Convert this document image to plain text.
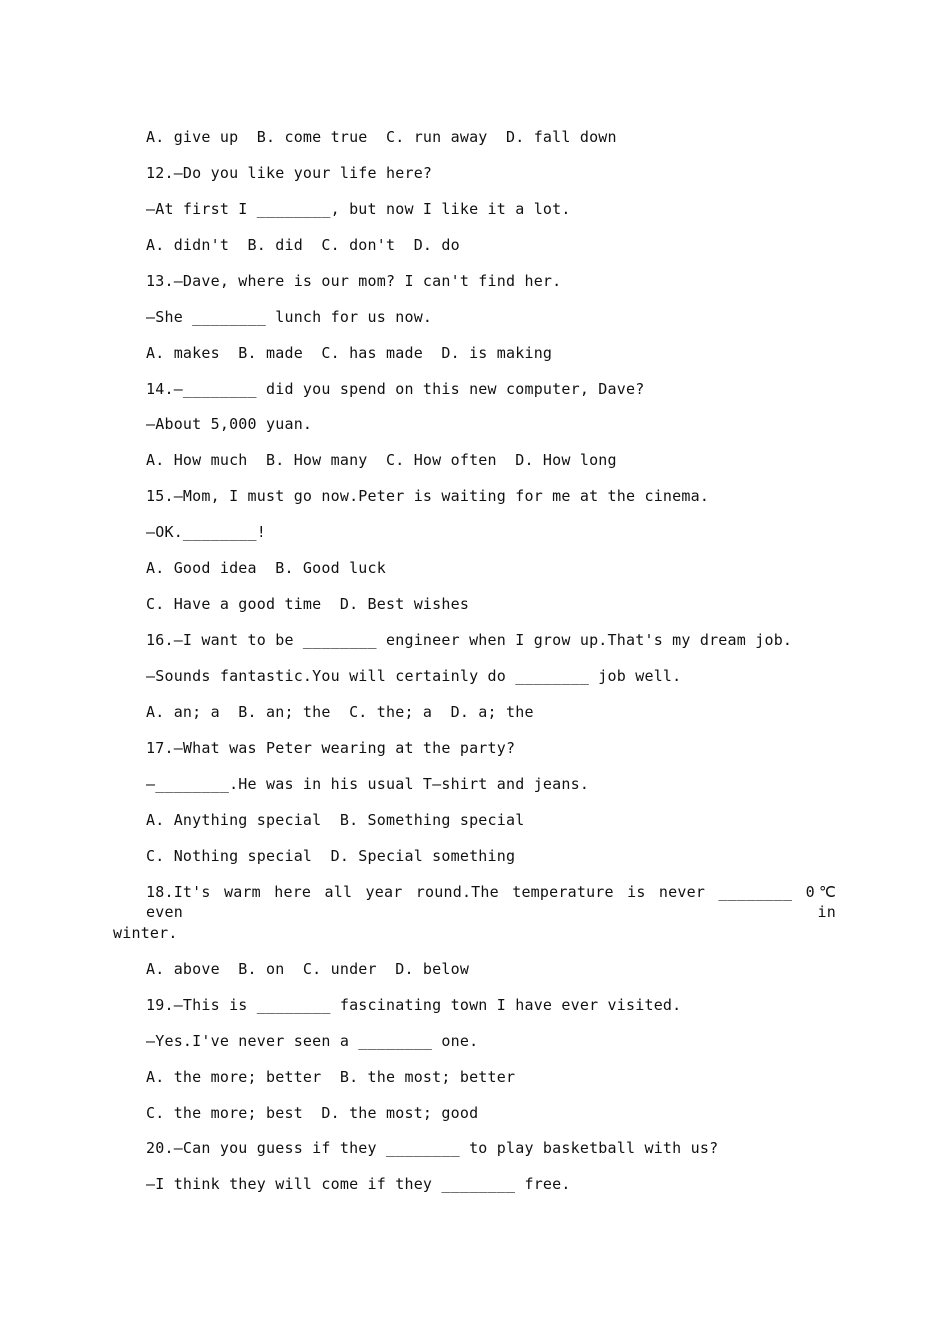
A. give up  B. come true  C. run away  D. fall down
12.—Do you like your life here?
—At first I ________, but now I like it a lot.
A. didn't  B. did  C. don't  D. do
13.—Dave, where is our mom? I can't find her.
—She ________ lunch for us now.
A. makes  B. made  C. has made  D. is making
14.—________ did you spend on this new computer, Dave?
—About 5,000 yuan.
A. How much  B. How many  C. How often  D. How long
15.—Mom, I must go now.Peter is waiting for me at the cinema.
—OK.________!
A. Good idea  B. Good luck
C. Have a good time  D. Best wishes
16.—I want to be ________ engineer when I grow up.That's my dream job.
—Sounds fantastic.You will certainly do ________ job well.
A. an; a  B. an; the  C. the; a  D. a; the
17.—What was Peter wearing at the party?
—________.He was in his usual T—shirt and jeans.
A. Anything special  B. Something special
C. Nothing special  D. Special something
18.It's warm here all year round.The temperature is never ________ 0℃ even in
winter.
A. above  B. on  C. under  D. below
19.—This is ________ fascinating town I have ever visited.
—Yes.I've never seen a ________ one.
A. the more; better  B. the most; better
C. the more; best  D. the most; good
20.—Can you guess if they ________ to play basketball with us?
—I think they will come if they ________ free.
